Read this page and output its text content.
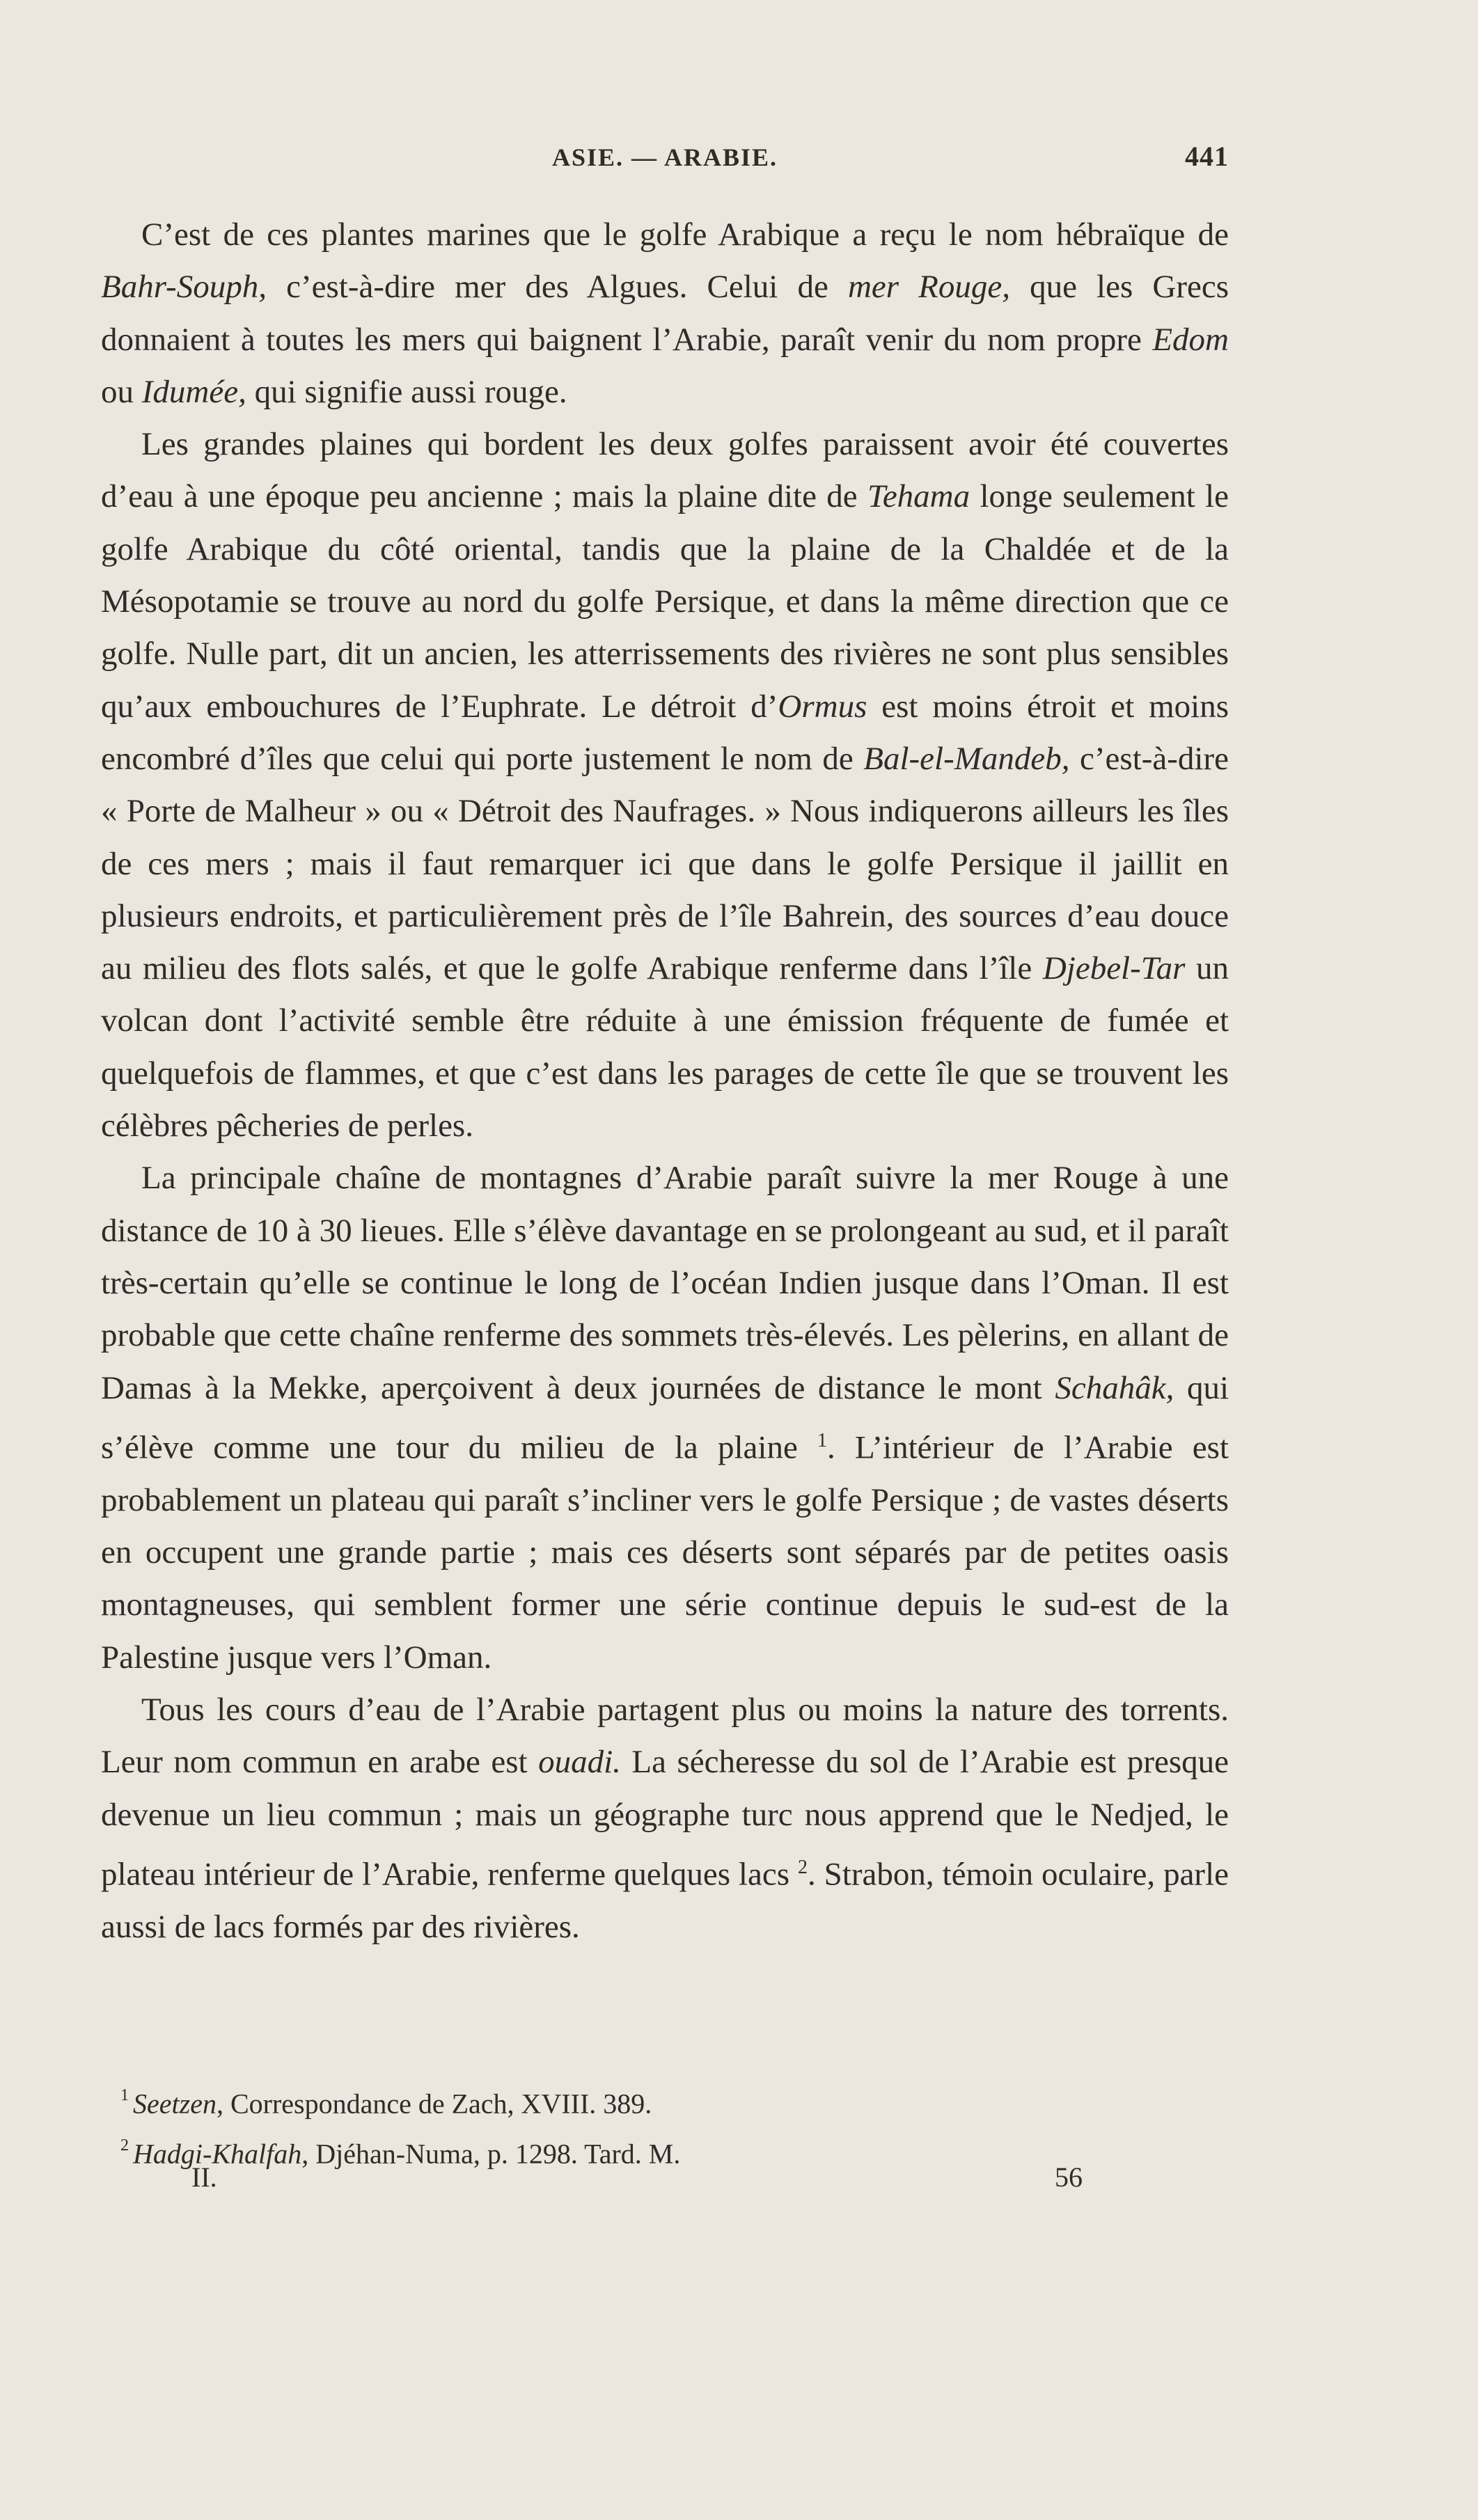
ASIE. — ARABIE.	441

C’est de ces plantes marines que le golfe Arabique a reçu le nom hébraïque de Bahr-Souph, c’est-à-dire mer des Algues. Celui de mer Rouge, que les Grecs donnaient à toutes les mers qui baignent l’Arabie, paraît venir du nom propre Edom ou Idumée, qui signifie aussi rouge.

Les grandes plaines qui bordent les deux golfes paraissent avoir été couvertes d’eau à une époque peu ancienne ; mais la plaine dite de Tehama longe seulement le golfe Arabique du côté oriental, tandis que la plaine de la Chaldée et de la Mésopotamie se trouve au nord du golfe Persique, et dans la même direction que ce golfe. Nulle part, dit un ancien, les atterrissements des rivières ne sont plus sensibles qu’aux embouchures de l’Euphrate. Le détroit d’Ormus est moins étroit et moins encombré d’îles que celui qui porte justement le nom de Bal-el-Mandeb, c’est-à-dire « Porte de Malheur » ou « Détroit des Naufrages. » Nous indiquerons ailleurs les îles de ces mers ; mais il faut remarquer ici que dans le golfe Persique il jaillit en plusieurs endroits, et particulièrement près de l’île Bahrein, des sources d’eau douce au milieu des flots salés, et que le golfe Arabique renferme dans l’île Djebel-Tar un volcan dont l’activité semble être réduite à une émission fréquente de fumée et quelquefois de flammes, et que c’est dans les parages de cette île que se trouvent les célèbres pêcheries de perles.

La principale chaîne de montagnes d’Arabie paraît suivre la mer Rouge à une distance de 10 à 30 lieues. Elle s’élève davantage en se prolongeant au sud, et il paraît très-certain qu’elle se continue le long de l’océan Indien jusque dans l’Oman. Il est probable que cette chaîne renferme des sommets très-élevés. Les pèlerins, en allant de Damas à la Mekke, aperçoivent à deux journées de distance le mont Schahâk, qui s’élève comme une tour du milieu de la plaine $^1$. L’intérieur de l’Arabie est probablement un plateau qui paraît s’incliner vers le golfe Persique ; de vastes déserts en occupent une grande partie ; mais ces déserts sont séparés par de petites oasis montagneuses, qui semblent former une série continue depuis le sud-est de la Palestine jusque vers l’Oman.

Tous les cours d’eau de l’Arabie partagent plus ou moins la nature des torrents. Leur nom commun en arabe est ouadi. La sécheresse du sol de l’Arabie est presque devenue un lieu commun ; mais un géographe turc nous apprend que le Nedjed, le plateau intérieur de l’Arabie, renferme quelques lacs $^2$. Strabon, témoin oculaire, parle aussi de lacs formés par des rivières.

$^1$ Seetzen, Correspondance de Zach, XVIII. 389.

$^2$ Hadgi-Khalfah, Djéhan-Numa, p. 1298. Tard. M.

II.	56
